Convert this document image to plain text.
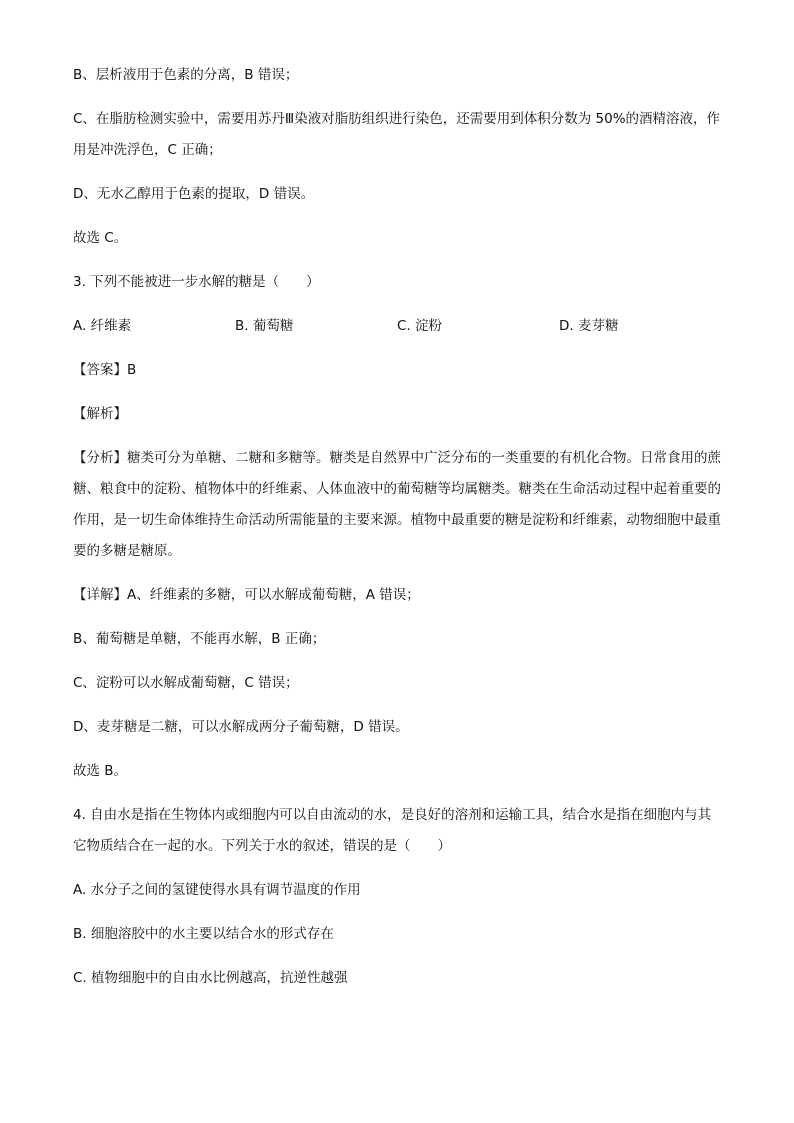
B、层析液用于色素的分离，B 错误；

C、在脂肪检测实验中，需要用苏丹Ⅲ染液对脂肪组织进行染色，还需要用到体积分数为 50%的酒精溶液，作用是冲洗浮色，C 正确；

D、无水乙醇用于色素的提取，D 错误。

故选 C。

3. 下列不能被进一步水解的糖是（　　）

A. 纤维素	B. 葡萄糖	C. 淀粉	D. 麦芽糖

【答案】B

【解析】

【分析】糖类可分为单糖、二糖和多糖等。糖类是自然界中广泛分布的一类重要的有机化合物。日常食用的蔗糖、粮食中的淀粉、植物体中的纤维素、人体血液中的葡萄糖等均属糖类。糖类在生命活动过程中起着重要的作用，是一切生命体维持生命活动所需能量的主要来源。植物中最重要的糖是淀粉和纤维素，动物细胞中最重要的多糖是糖原。

【详解】A、纤维素的多糖，可以水解成葡萄糖，A 错误；

B、葡萄糖是单糖，不能再水解，B 正确；

C、淀粉可以水解成葡萄糖，C 错误；

D、麦芽糖是二糖，可以水解成两分子葡萄糖，D 错误。

故选 B。

4. 自由水是指在生物体内或细胞内可以自由流动的水，是良好的溶剂和运输工具，结合水是指在细胞内与其它物质结合在一起的水。下列关于水的叙述，错误的是（　　）

A. 水分子之间的氢键使得水具有调节温度的作用

B. 细胞溶胶中的水主要以结合水的形式存在

C. 植物细胞中的自由水比例越高，抗逆性越强
